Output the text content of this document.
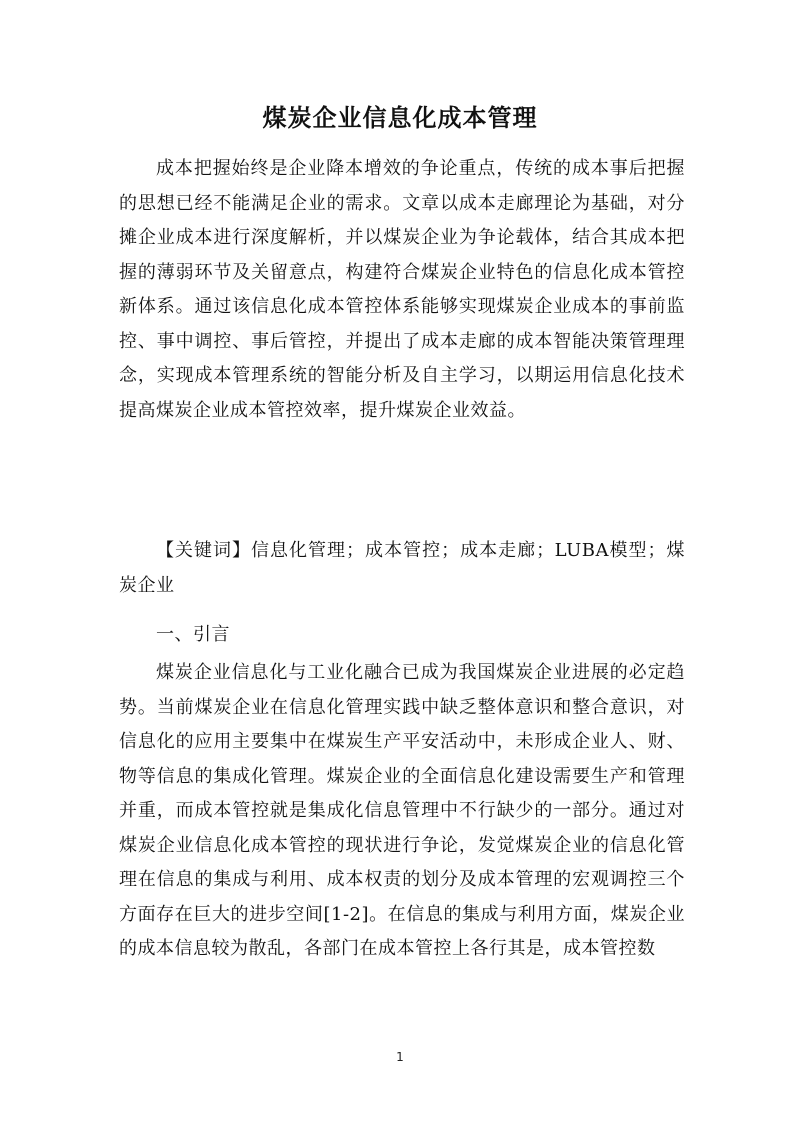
煤炭企业信息化成本管理

成本把握始终是企业降本增效的争论重点，传统的成本事后把握的思想已经不能满足企业的需求。文章以成本走廊理论为基础，对分摊企业成本进行深度解析，并以煤炭企业为争论载体，结合其成本把握的薄弱环节及关留意点，构建符合煤炭企业特色的信息化成本管控新体系。通过该信息化成本管控体系能够实现煤炭企业成本的事前监控、事中调控、事后管控，并提出了成本走廊的成本智能决策管理理念，实现成本管理系统的智能分析及自主学习，以期运用信息化技术提高煤炭企业成本管控效率，提升煤炭企业效益。

【关键词】信息化管理；成本管控；成本走廊；LUBA模型；煤炭企业

一、引言

煤炭企业信息化与工业化融合已成为我国煤炭企业进展的必定趋势。当前煤炭企业在信息化管理实践中缺乏整体意识和整合意识，对信息化的应用主要集中在煤炭生产平安活动中，未形成企业人、财、物等信息的集成化管理。煤炭企业的全面信息化建设需要生产和管理并重，而成本管控就是集成化信息管理中不行缺少的一部分。通过对煤炭企业信息化成本管控的现状进行争论，发觉煤炭企业的信息化管理在信息的集成与利用、成本权责的划分及成本管理的宏观调控三个方面存在巨大的进步空间[1-2]。在信息的集成与利用方面，煤炭企业的成本信息较为散乱，各部门在成本管控上各行其是，成本管控数

1
